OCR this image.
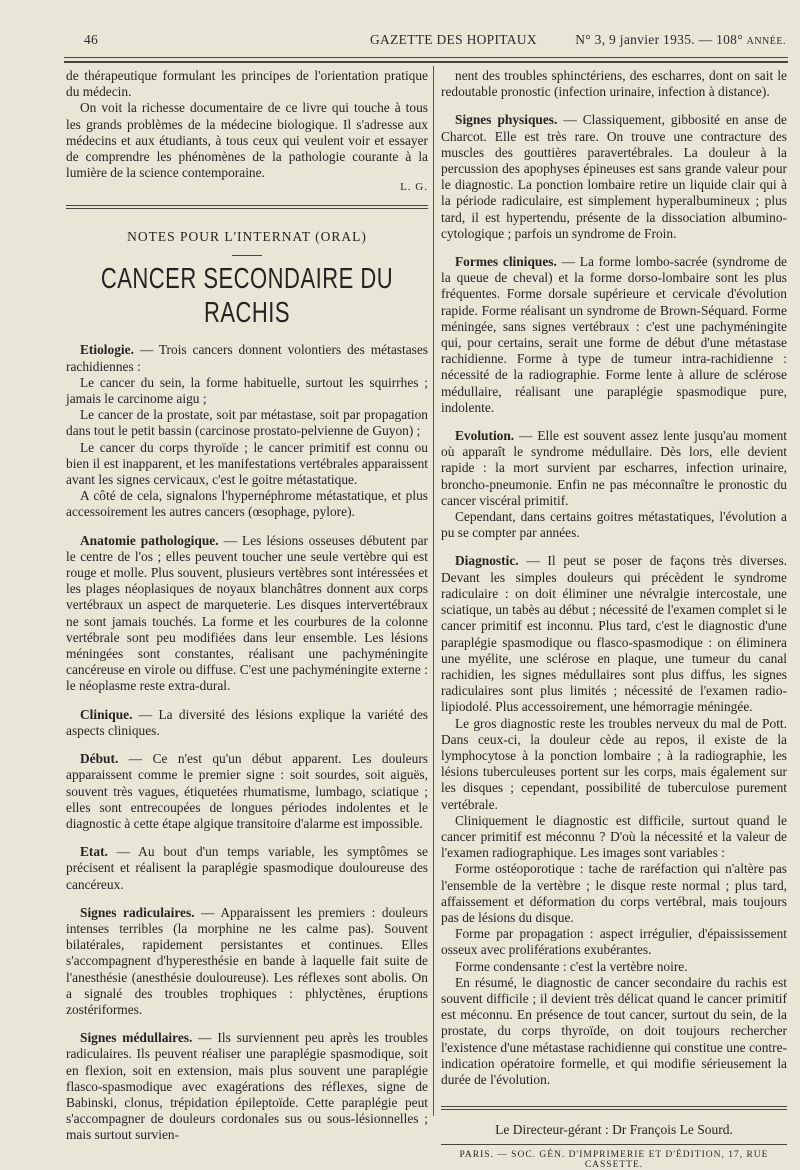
46	GAZETTE DES HOPITAUX	N° 3, 9 janvier 1935. — 108° ANNÉE.

de thérapeutique formulant les principes de l'orientation pratique du médecin.

On voit la richesse documentaire de ce livre qui touche à tous les grands problèmes de la médecine biologique. Il s'adresse aux médecins et aux étudiants, à tous ceux qui veulent voir et essayer de comprendre les phénomènes de la pathologie courante à la lumière de la science contemporaine.

L. G.
NOTES POUR L'INTERNAT (ORAL)
CANCER SECONDAIRE DU RACHIS

Etiologie. — Trois cancers donnent volontiers des métastases rachidiennes :

Le cancer du sein, la forme habituelle, surtout les squirrhes ; jamais le carcinome aigu ;

Le cancer de la prostate, soit par métastase, soit par propagation dans tout le petit bassin (carcinose prostato-pelvienne de Guyon) ;

Le cancer du corps thyroïde ; le cancer primitif est connu ou bien il est inapparent, et les manifestations vertébrales apparaissent avant les signes cervicaux, c'est le goitre métastatique.

A côté de cela, signalons l'hypernéphrome métastatique, et plus accessoirement les autres cancers (œsophage, pylore).

Anatomie pathologique. — Les lésions osseuses débutent par le centre de l'os ; elles peuvent toucher une seule vertèbre qui est rouge et molle. Plus souvent, plusieurs vertèbres sont intéressées et les plages néoplasiques de noyaux blanchâtres donnent aux corps vertébraux un aspect de marqueterie. Les disques intervertébraux ne sont jamais touchés. La forme et les courbures de la colonne vertébrale sont peu modifiées dans leur ensemble. Les lésions méningées sont constantes, réalisant une pachyméningite cancéreuse en virole ou diffuse. C'est une pachyméningite externe : le néoplasme reste extra-dural.

Clinique. — La diversité des lésions explique la variété des aspects cliniques.

Début. — Ce n'est qu'un début apparent. Les douleurs apparaissent comme le premier signe : soit sourdes, soit aiguës, souvent très vagues, étiquetées rhumatisme, lumbago, sciatique ; elles sont entrecoupées de longues périodes indolentes et le diagnostic à cette étape algique transitoire d'alarme est impossible.

Etat. — Au bout d'un temps variable, les symptômes se précisent et réalisent la paraplégie spasmodique douloureuse des cancéreux.

Signes radiculaires. — Apparaissent les premiers : douleurs intenses terribles (la morphine ne les calme pas). Souvent bilatérales, rapidement persistantes et continues. Elles s'accompagnent d'hyperesthésie en bande à laquelle fait suite de l'anesthésie (anesthésie douloureuse). Les réflexes sont abolis. On a signalé des troubles trophiques : phlyctènes, éruptions zostériformes.

Signes médullaires. — Ils surviennent peu après les troubles radiculaires. Ils peuvent réaliser une paraplégie spasmodique, soit en flexion, soit en extension, mais plus souvent une paraplégie flasco-spasmodique avec exagérations des réflexes, signe de Babinski, clonus, trépidation épileptoïde. Cette paraplégie peut s'accompagner de douleurs cordonales sus ou sous-lésionnelles ; mais surtout survien-

nent des troubles sphinctériens, des escharres, dont on sait le redoutable pronostic (infection urinaire, infection à distance).

Signes physiques. — Classiquement, gibbosité en anse de Charcot. Elle est très rare. On trouve une contracture des muscles des gouttières paravertébrales. La douleur à la percussion des apophyses épineuses est sans grande valeur pour le diagnostic. La ponction lombaire retire un liquide clair qui à la période radiculaire, est simplement hyperalbumineux ; plus tard, il est hypertendu, présente de la dissociation albumino-cytologique ; parfois un syndrome de Froin.

Formes cliniques. — La forme lombo-sacrée (syndrome de la queue de cheval) et la forme dorso-lombaire sont les plus fréquentes. Forme dorsale supérieure et cervicale d'évolution rapide. Forme réalisant un syndrome de Brown-Séquard. Forme méningée, sans signes vertébraux : c'est une pachyméningite qui, pour certains, serait une forme de début d'une métastase rachidienne. Forme à type de tumeur intra-rachidienne : nécessité de la radiographie. Forme lente à allure de sclérose médullaire, réalisant une paraplégie spasmodique pure, indolente.

Evolution. — Elle est souvent assez lente jusqu'au moment où apparaît le syndrome médullaire. Dès lors, elle devient rapide : la mort survient par escharres, infection urinaire, broncho-pneumonie. Enfin ne pas méconnaître le pronostic du cancer viscéral primitif.

Cependant, dans certains goitres métastatiques, l'évolution a pu se compter par années.

Diagnostic. — Il peut se poser de façons très diverses. Devant les simples douleurs qui précèdent le syndrome radiculaire : on doit éliminer une névralgie intercostale, une sciatique, un tabès au début ; nécessité de l'examen complet si le cancer primitif est inconnu. Plus tard, c'est le diagnostic d'une paraplégie spasmodique ou flasco-spasmodique : on éliminera une myélite, une sclérose en plaque, une tumeur du canal rachidien, les signes médullaires sont plus diffus, les signes radiculaires sont plus limités ; nécessité de l'examen radio-lipiodolé. Plus accessoirement, une hémorragie méningée.

Le gros diagnostic reste les troubles nerveux du mal de Pott. Dans ceux-ci, la douleur cède au repos, il existe de la lymphocytose à la ponction lombaire ; à la radiographie, les lésions tuberculeuses portent sur les corps, mais également sur les disques ; cependant, possibilité de tuberculose purement vertébrale.

Cliniquement le diagnostic est difficile, surtout quand le cancer primitif est méconnu ? D'où la nécessité et la valeur de l'examen radiographique. Les images sont variables :

Forme ostéoporotique : tache de raréfaction qui n'altère pas l'ensemble de la vertèbre ; le disque reste normal ; plus tard, affaissement et déformation du corps vertébral, mais toujours pas de lésions du disque.

Forme par propagation : aspect irrégulier, d'épaississement osseux avec proliférations exubérantes.

Forme condensante : c'est la vertèbre noire.

En résumé, le diagnostic de cancer secondaire du rachis est souvent difficile ; il devient très délicat quand le cancer primitif est méconnu. En présence de tout cancer, surtout du sein, de la prostate, du corps thyroïde, on doit toujours rechercher l'existence d'une métastase rachidienne qui constitue une contre-indication opératoire formelle, et qui modifie sérieusement la durée de l'évolution.

Le Directeur-gérant : Dr François Le Sourd.
PARIS. — SOC. GÉN. D'IMPRIMERIE ET D'ÉDITION, 17, RUE CASSETTE.
